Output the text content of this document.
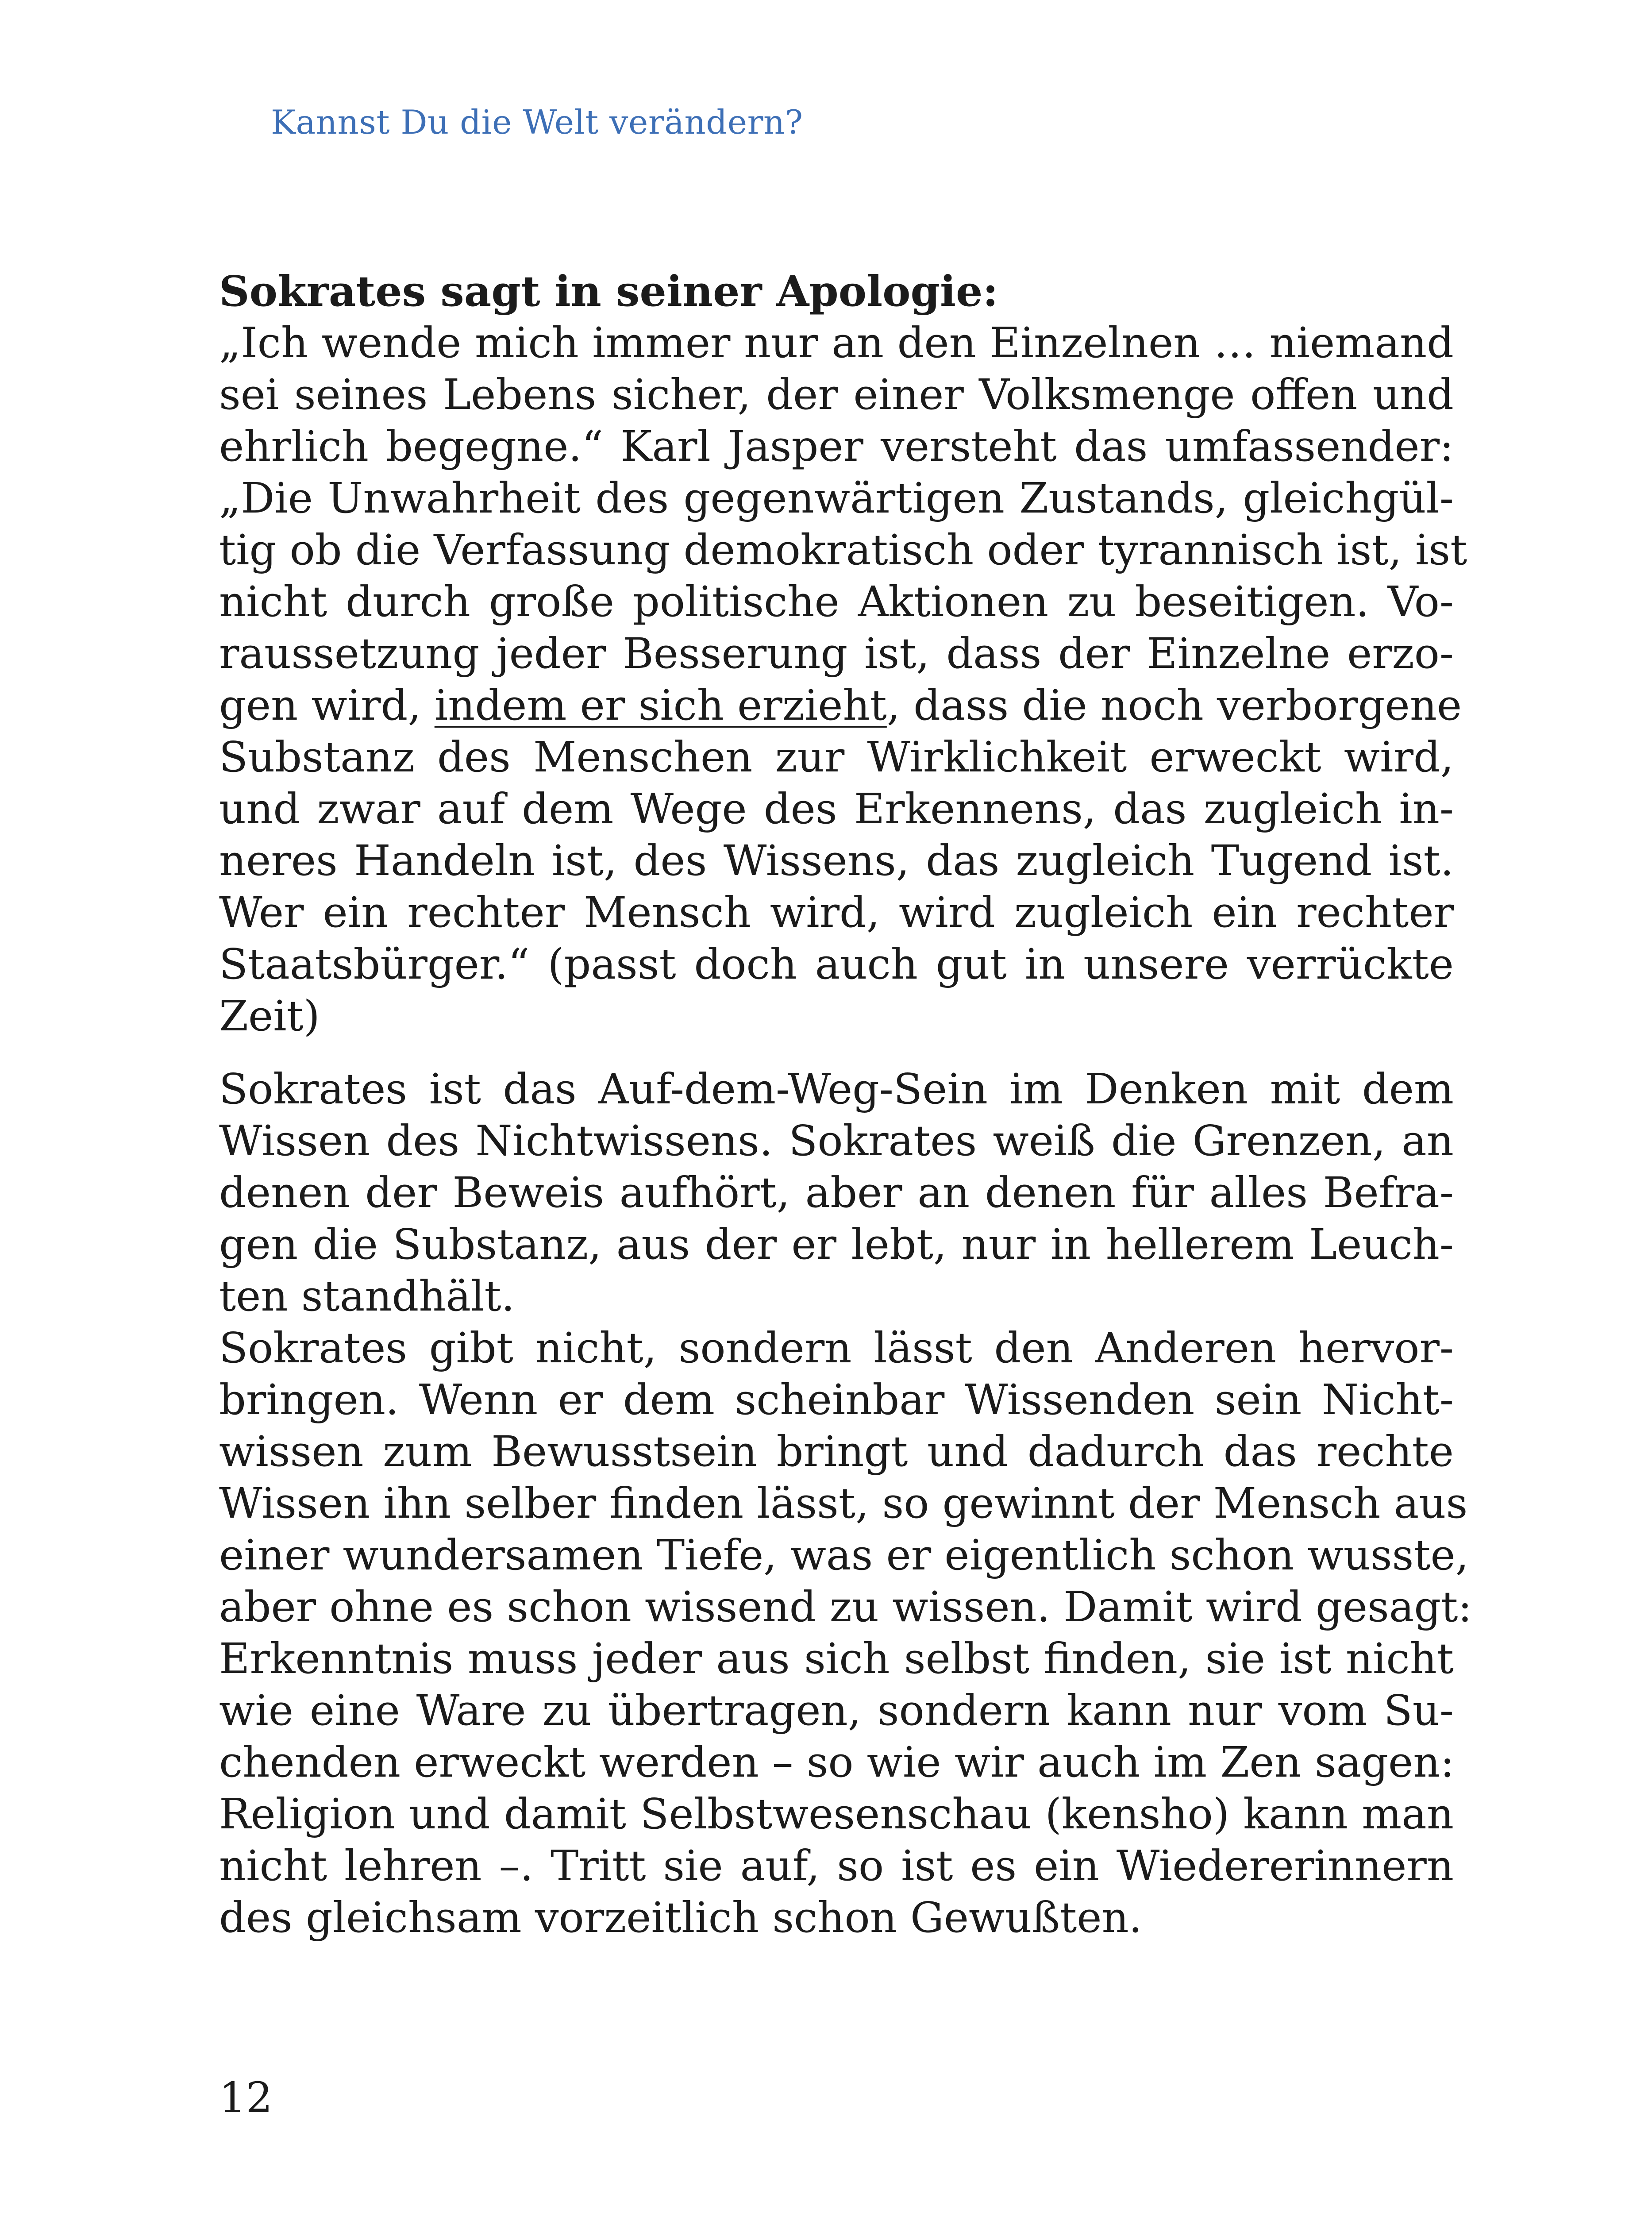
Kannst Du die Welt verändern?
Sokrates sagt in seiner Apologie:
„Ich wende mich immer nur an den Einzelnen … niemand
sei seines Lebens sicher, der einer Volksmenge offen und
ehrlich begegne.“ Karl Jasper versteht das umfassender:
„Die Unwahrheit des gegenwärtigen Zustands, gleichgül-
tig ob die Verfassung demokratisch oder tyrannisch ist, ist
nicht durch große politische Aktionen zu beseitigen. Vo-
raussetzung jeder Besserung ist, dass der Einzelne erzo-
gen wird, indem er sich erzieht, dass die noch verborgene
Substanz des Menschen zur Wirklichkeit erweckt wird,
und zwar auf dem Wege des Erkennens, das zugleich in-
neres Handeln ist, des Wissens, das zugleich Tugend ist.
Wer ein rechter Mensch wird, wird zugleich ein rechter
Staatsbürger.“ (passt doch auch gut in unsere verrückte
Zeit)
Sokrates ist das Auf-dem-Weg-Sein im Denken mit dem
Wissen des Nichtwissens. Sokrates weiß die Grenzen, an
denen der Beweis aufhört, aber an denen für alles Befra-
gen die Substanz, aus der er lebt, nur in hellerem Leuch-
ten standhält.
Sokrates gibt nicht, sondern lässt den Anderen hervor-
bringen. Wenn er dem scheinbar Wissenden sein Nicht-
wissen zum Bewusstsein bringt und dadurch das rechte
Wissen ihn selber finden lässt, so gewinnt der Mensch aus
einer wundersamen Tiefe, was er eigentlich schon wusste,
aber ohne es schon wissend zu wissen. Damit wird gesagt:
Erkenntnis muss jeder aus sich selbst finden, sie ist nicht
wie eine Ware zu übertragen, sondern kann nur vom Su-
chenden erweckt werden – so wie wir auch im Zen sagen:
Religion und damit Selbstwesenschau (kensho) kann man
nicht lehren –. Tritt sie auf, so ist es ein Wiedererinnern
des gleichsam vorzeitlich schon Gewußten.
12
